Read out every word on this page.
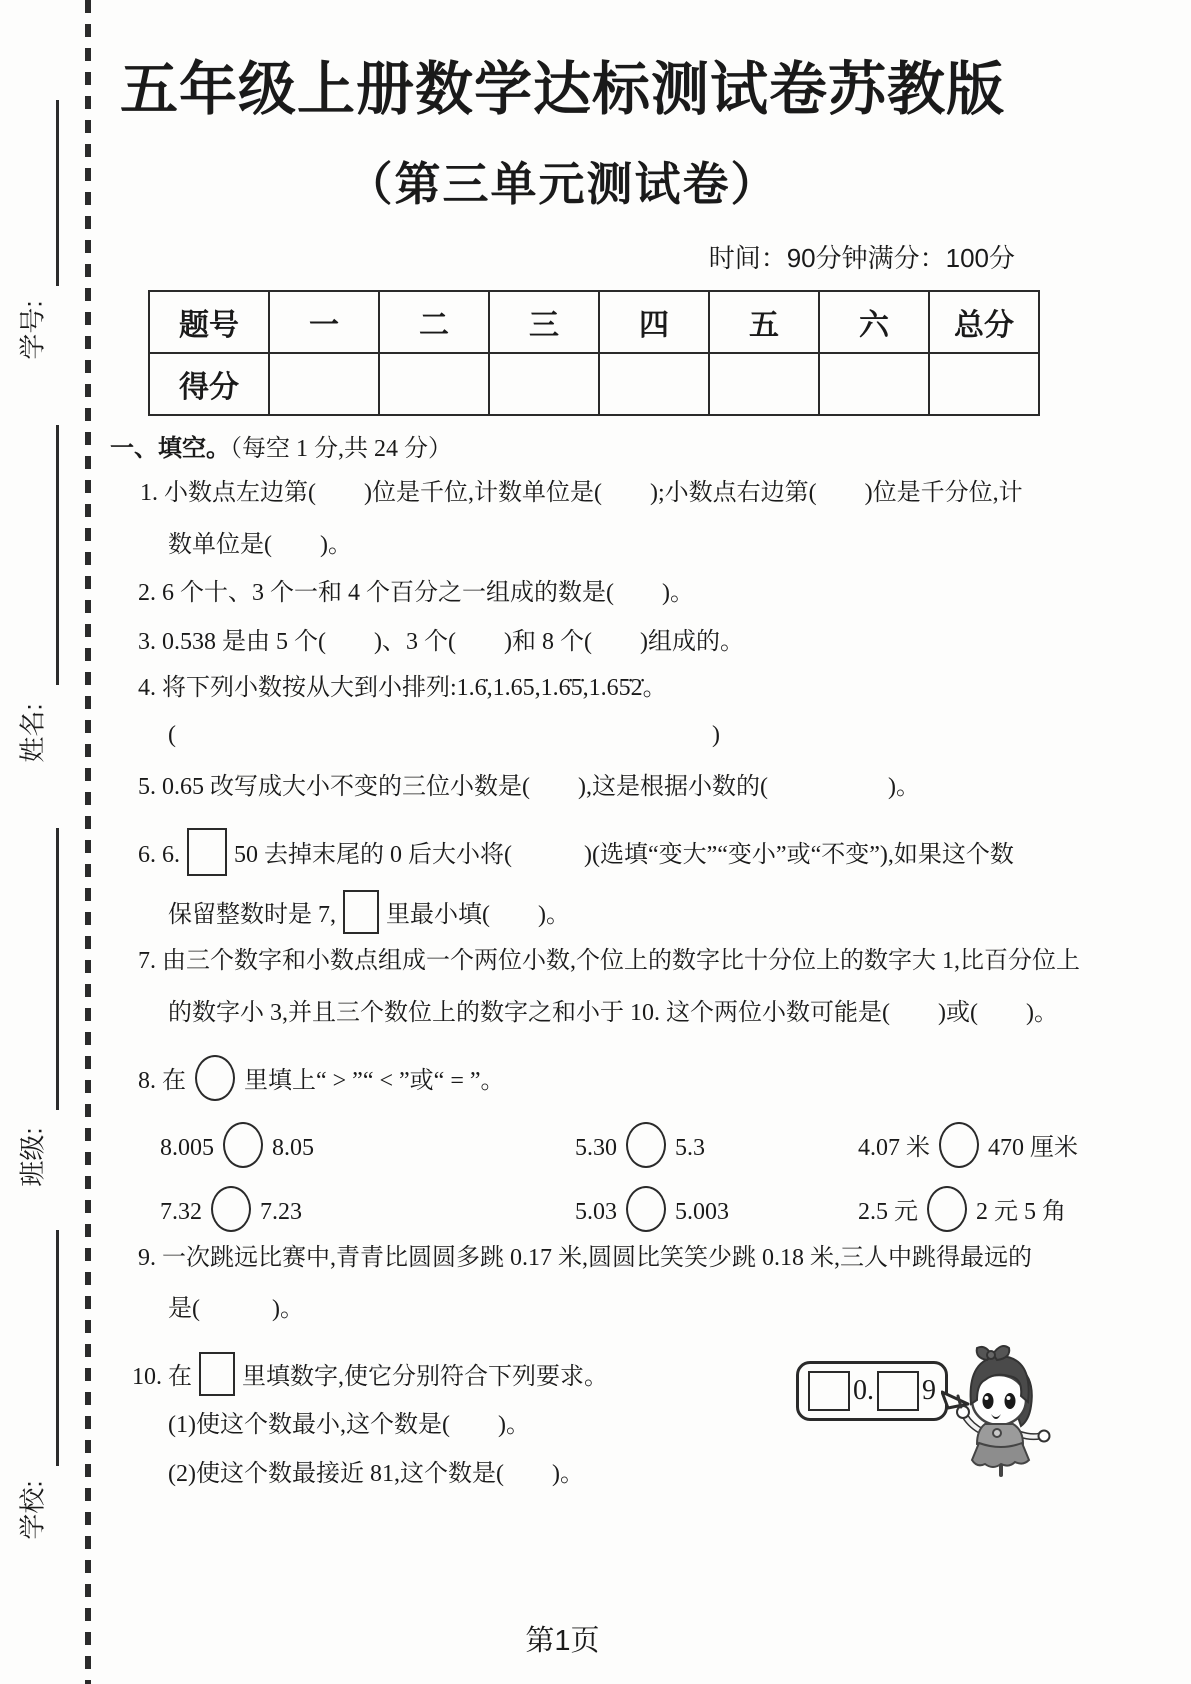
学号:
姓名:
班级:
学校:
五年级上册数学达标测试卷苏教版
（第三单元测试卷）
时间：90分钟满分：100分
题号	一	二	三	四	五	六	总分
得分							
一、填空。（每空 1 分,共 24 分）
1. 小数点左边第(　　)位是千位,计数单位是(　　);小数点右边第(　　)位是千分位,计
数单位是(　　)。
2. 6 个十、3 个一和 4 个百分之一组成的数是(　　)。
3. 0.538 是由 5 个(　　)、3 个(　　)和 8 个(　　)组成的。
4. 将下列小数按从大到小排列:1.6̇,1.65,1.6̇5̇,1.65̇2̇。
(	)
5. 0.65 改写成大小不变的三位小数是(　　),这是根据小数的(　　　　　)。
6. 6. 50 去掉末尾的 0 后大小将(　　　)(选填“变大”“变小”或“不变”),如果这个数
保留整数时是 7, 里最小填(　　)。
7. 由三个数字和小数点组成一个两位小数,个位上的数字比十分位上的数字大 1,比百分位上
的数字小 3,并且三个数位上的数字之和小于 10. 这个两位小数可能是(　　)或(　　)。
8. 在 里填上“ > ”“ < ”或“ = ”。
8.005 8.05	5.30 5.3	4.07 米 470 厘米
7.32 7.23	5.03 5.003	2.5 元 2 元 5 角
9. 一次跳远比赛中,青青比圆圆多跳 0.17 米,圆圆比笑笑少跳 0.18 米,三人中跳得最远的
是(　　　)。
10. 在 里填数字,使它分别符合下列要求。	0. 9
(1)使这个数最小,这个数是(　　)。
(2)使这个数最接近 81,这个数是(　　)。
第1页
